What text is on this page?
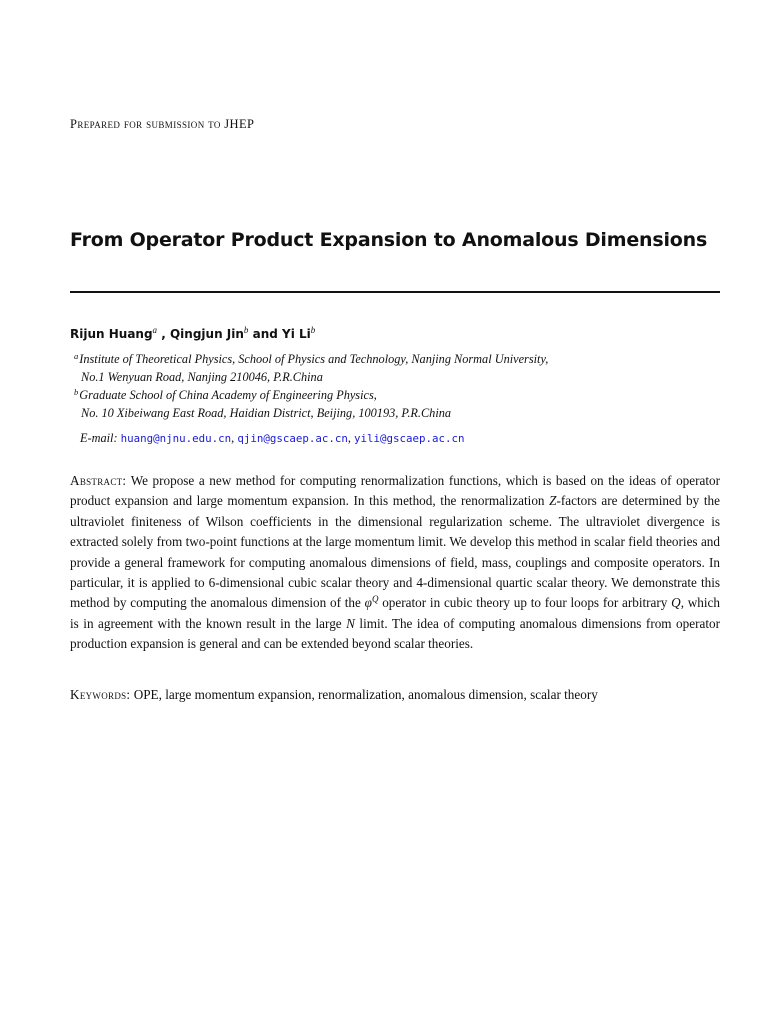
Prepared for submission to JHEP
From Operator Product Expansion to Anomalous Dimensions
Rijun Huang$^a$ , Qingjun Jin$^b$ and Yi Li$^b$
$^a$Institute of Theoretical Physics, School of Physics and Technology, Nanjing Normal University,
No.1 Wenyuan Road, Nanjing 210046, P.R.China
$^b$Graduate School of China Academy of Engineering Physics,
No. 10 Xibeiwang East Road, Haidian District, Beijing, 100193, P.R.China
E-mail: huang@njnu.edu.cn, qjin@gscaep.ac.cn, yili@gscaep.ac.cn
Abstract: We propose a new method for computing renormalization functions, which is based on the ideas of operator product expansion and large momentum expansion. In this method, the renormalization Z-factors are determined by the ultraviolet finiteness of Wilson coefficients in the dimensional regularization scheme. The ultraviolet divergence is extracted solely from two-point functions at the large momentum limit. We develop this method in scalar field theories and provide a general framework for computing anomalous dimensions of field, mass, couplings and composite operators. In particular, it is applied to 6-dimensional cubic scalar theory and 4-dimensional quartic scalar theory. We demonstrate this method by computing the anomalous dimension of the $\varphi^Q$ operator in cubic theory up to four loops for arbitrary Q, which is in agreement with the known result in the large N limit. The idea of computing anomalous dimensions from operator production expansion is general and can be extended beyond scalar theories.
Keywords: OPE, large momentum expansion, renormalization, anomalous dimension, scalar theory
